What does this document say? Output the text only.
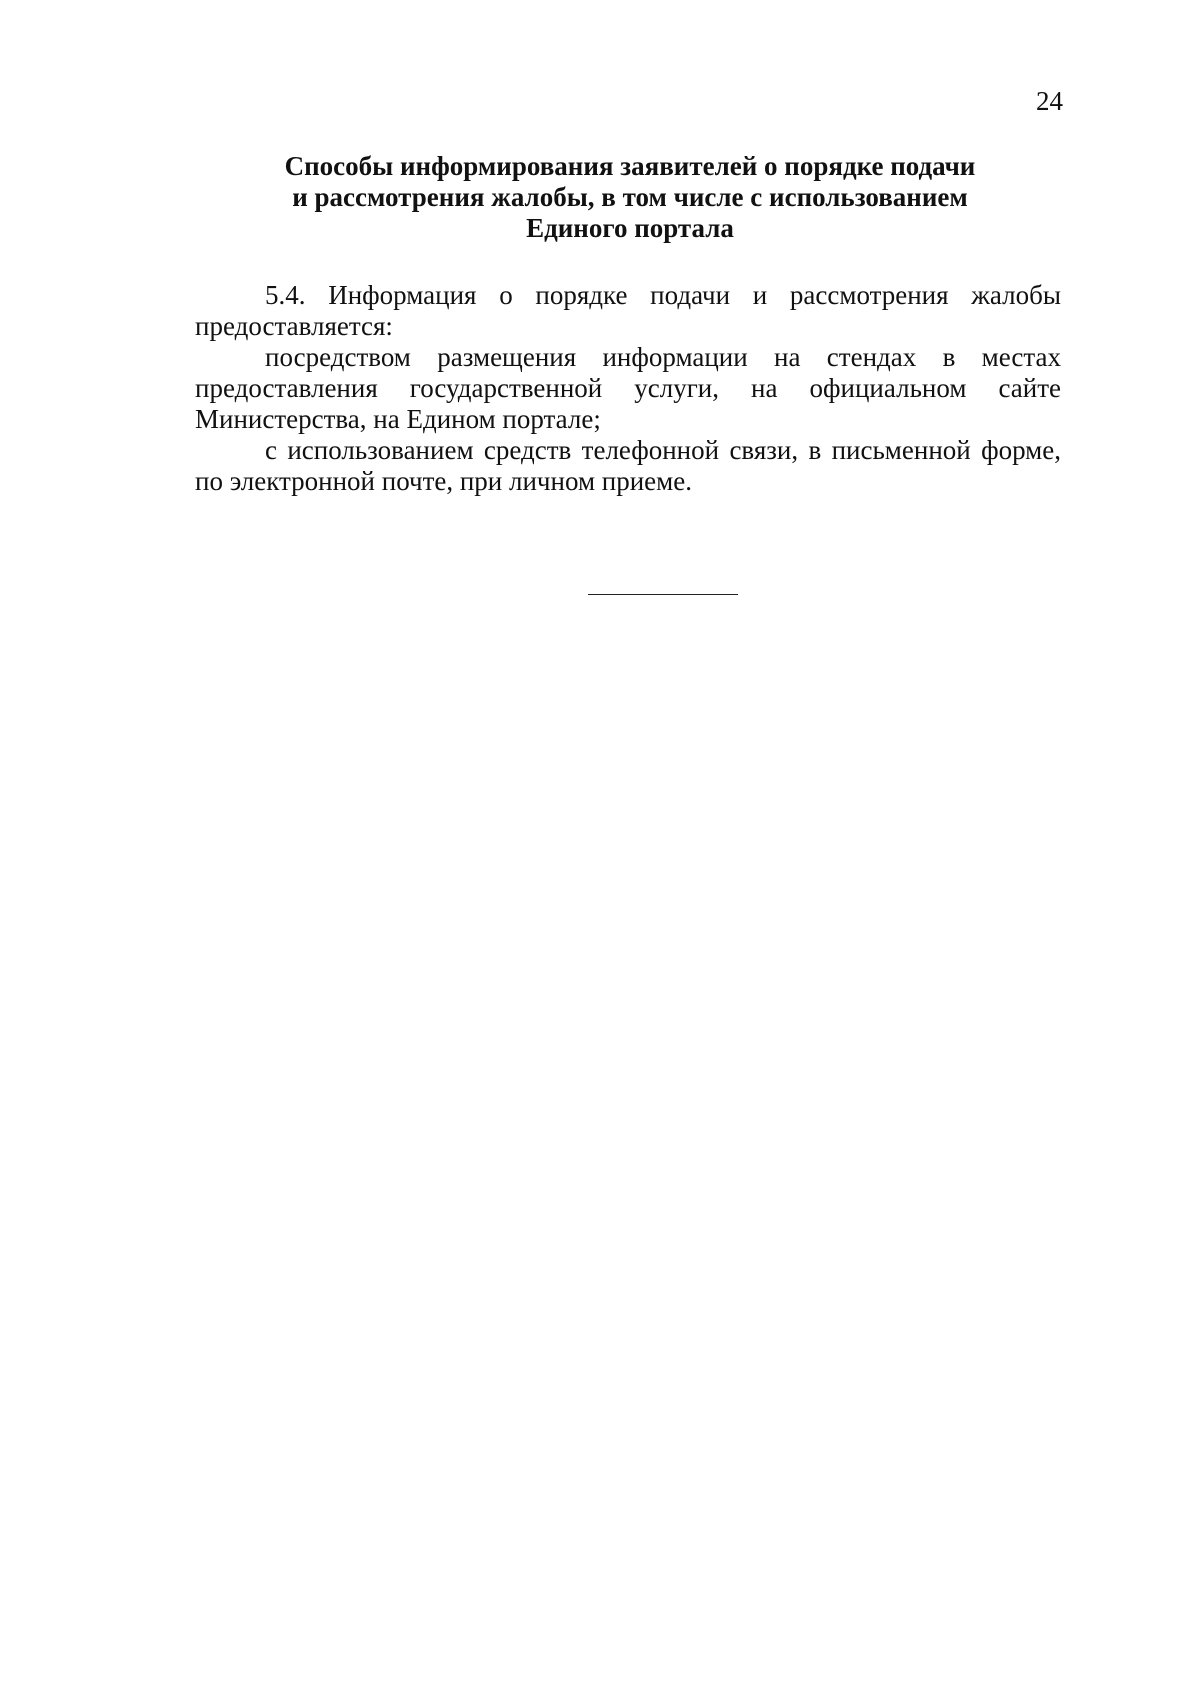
24
Способы информирования заявителей о порядке подачи
и рассмотрения жалобы, в том числе с использованием
Единого портала

5.4. Информация о порядке подачи и рассмотрения жалобы предоставляется:

посредством размещения информации на стендах в местах предоставления государственной услуги, на официальном сайте Министерства, на Едином портале;

с использованием средств телефонной связи, в письменной форме, по электронной почте, при личном приеме.
